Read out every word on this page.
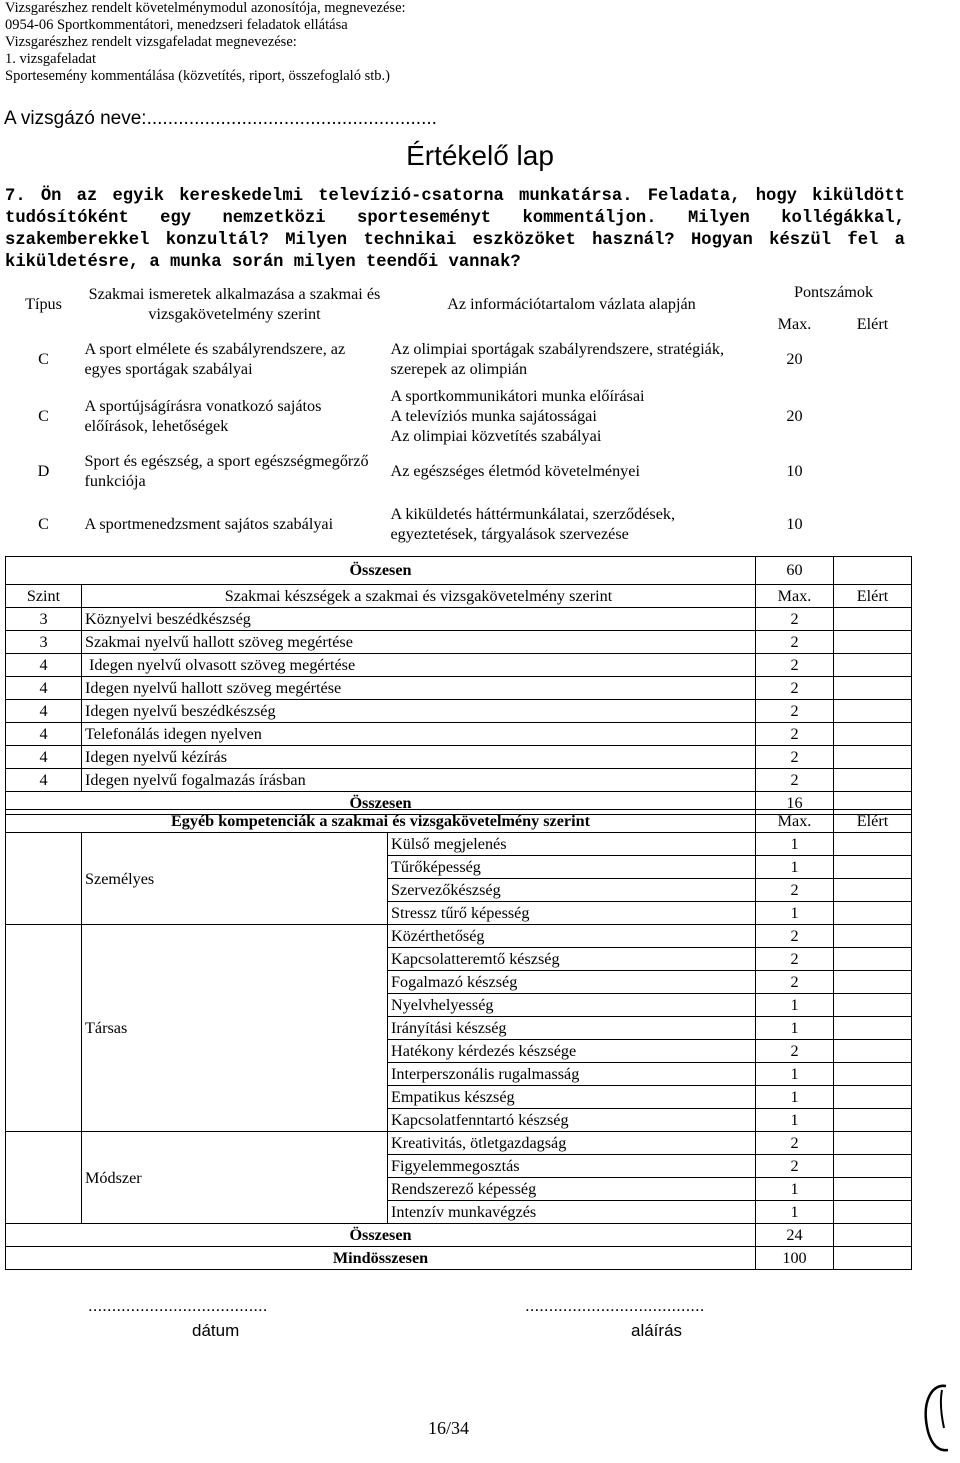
Vizsgarészhez rendelt követelménymodul azonosítója, megnevezése:
0954-06 Sportkommentátori, menedzseri feladatok ellátása
Vizsgarészhez rendelt vizsgafeladat megnevezése:
1. vizsgafeladat
Sportesemény kommentálása (közvetítés, riport, összefoglaló stb.)
A vizsgázó neve:.......................................................
Értékelő lap
7. Ön az egyik kereskedelmi televízió-csatorna munkatársa. Feladata, hogy kiküldött tudósítóként egy nemzetközi sporteseményt kommentáljon. Milyen kollégákkal, szakemberekkel konzultál? Milyen technikai eszközöket használ? Hogyan készül fel a kiküldetésre, a munka során milyen teendői vannak?
Típus	Szakmai ismeretek alkalmazása a szakmai és vizsgakövetelmény szerint	Az információtartalom vázlata alapján	Pontszámok	
			Max.	Elért
C	A sport elmélete és szabályrendszere, az egyes sportágak szabályai	Az olimpiai sportágak szabályrendszere, stratégiák, szerepek az olimpián	20	
C	A sportújságírásra vonatkozó sajátos előírások, lehetőségek	A sportkommunikátori munka előírásai
A televíziós munka sajátosságai
Az olimpiai közvetítés szabályai	20	
D	Sport és egészség, a sport egészségmegőrző funkciója	Az egészséges életmód követelményei	10	
C	A sportmenedzsment sajátos szabályai	A kiküldetés háttérmunkálatai, szerződések, egyeztetések, tárgyalások szervezése	10	
Összesen			60	
Szint	Szakmai készségek a szakmai és vizsgakövetelmény szerint	Max.	Elért
3	Köznyelvi beszédkészség	2	
3	Szakmai nyelvű hallott szöveg megértése	2	
4	Idegen nyelvű olvasott szöveg megértése	2	
4	Idegen nyelvű hallott szöveg megértése	2	
4	Idegen nyelvű beszédkészség	2	
4	Telefonálás idegen nyelven	2	
4	Idegen nyelvű kézírás	2	
4	Idegen nyelvű fogalmazás írásban	2	
Összesen		16	
Egyéb kompetenciák a szakmai és vizsgakövetelmény szerint			Max.	Elért
	Személyes	Külső megjelenés	1	
		Tűrőképesség	1	
		Szervezőkészség	2	
		Stressz tűrő képesség	1	
	Társas	Közérthetőség	2	
		Kapcsolatteremtő készség	2	
		Fogalmazó készség	2	
		Nyelvhelyesség	1	
		Irányítási készség	1	
		Hatékony kérdezés készsége	2	
		Interperszonális rugalmasság	1	
		Empatikus készség	1	
		Kapcsolatfenntartó készség	1	
	Módszer	Kreativitás, ötletgazdagság	2	
		Figyelemmegosztás	2	
		Rendszerező képesség	1	
		Intenzív munkavégzés	1	
Összesen			24	
Mindösszesen			100	
......................................
dátum
......................................
aláírás
16/34
